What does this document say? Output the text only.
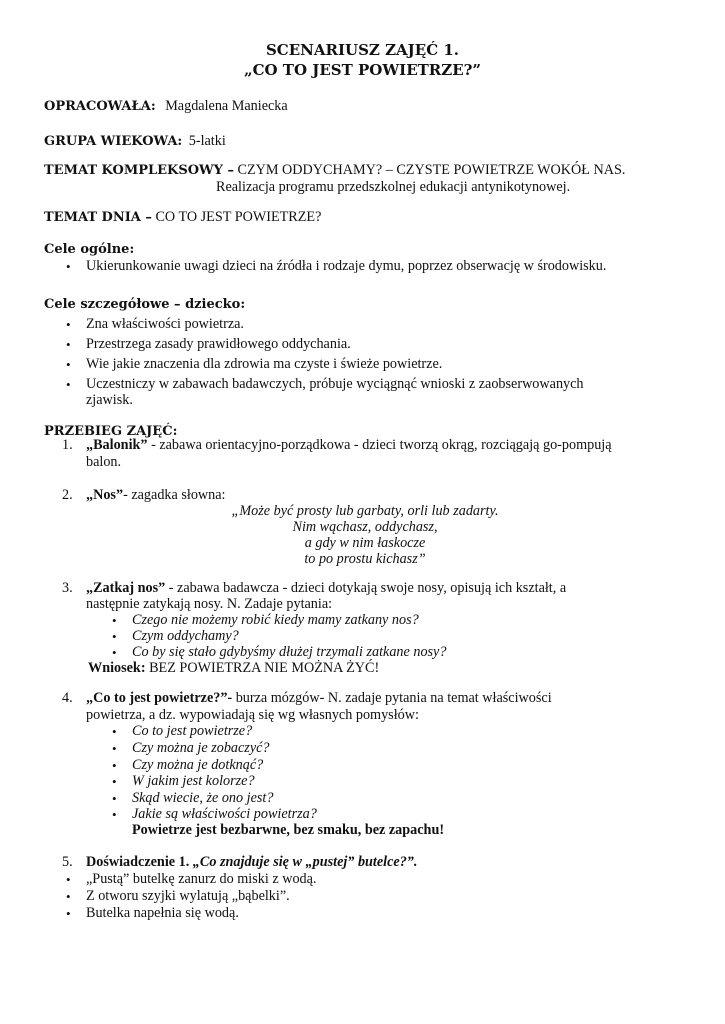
SCENARIUSZ ZAJĘĆ 1.
„CO TO JEST POWIETRZE?”
OPRACOWAŁA: Magdalena Maniecka
GRUPA WIEKOWA: 5-latki
TEMAT KOMPLEKSOWY – CZYM ODDYCHAMY? – CZYSTE POWIETRZE WOKÓŁ NAS.
Realizacja programu przedszkolnej edukacji antynikotynowej.
TEMAT DNIA – CO TO JEST POWIETRZE?
Cele ogólne:
• Ukierunkowanie uwagi dzieci na źródła i rodzaje dymu, poprzez obserwację w środowisku.
Cele szczegółowe – dziecko:
• Zna właściwości powietrza.
• Przestrzega zasady prawidłowego oddychania.
• Wie jakie znaczenia dla zdrowia ma czyste i świeże powietrze.
• Uczestniczy w zabawach badawczych, próbuje wyciągnąć wnioski z zaobserwowanych
zjawisk.
PRZEBIEG ZAJĘĆ:
1. „Balonik” - zabawa orientacyjno-porządkowa - dzieci tworzą okrąg, rozciągają go-pompują
balon.
2. „Nos”- zagadka słowna:
„Może być prosty lub garbaty, orli lub zadarty.
Nim wąchasz, oddychasz,
a gdy w nim łaskocze
to po prostu kichasz”
3. „Zatkaj nos” - zabawa badawcza - dzieci dotykają swoje nosy, opisują ich kształt, a
następnie zatykają nosy. N. Zadaje pytania:
• Czego nie możemy robić kiedy mamy zatkany nos?
• Czym oddychamy?
• Co by się stało gdybyśmy dłużej trzymali zatkane nosy?
Wniosek: BEZ POWIETRZA NIE MOŻNA ŻYĆ!
4. „Co to jest powietrze?”- burza mózgów- N. zadaje pytania na temat właściwości
powietrza, a dz. wypowiadają się wg własnych pomysłów:
• Co to jest powietrze?
• Czy można je zobaczyć?
• Czy można je dotknąć?
• W jakim jest kolorze?
• Skąd wiecie, że ono jest?
• Jakie są właściwości powietrza?
Powietrze jest bezbarwne, bez smaku, bez zapachu!
5. Doświadczenie 1. „Co znajduje się w „pustej” butelce?”.
• „Pustą” butelkę zanurz do miski z wodą.
• Z otworu szyjki wylatują „bąbelki”.
• Butelka napełnia się wodą.
